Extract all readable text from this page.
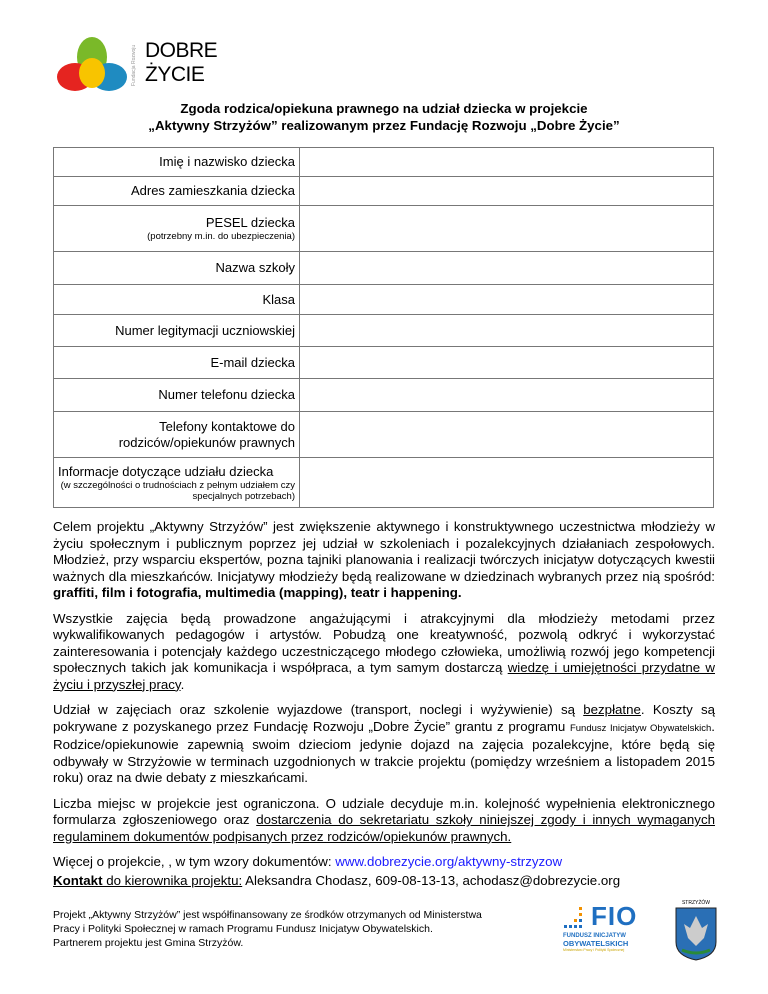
Fundacja Rozwoju DOBRE
ŻYCIE
Zgoda rodzica/opiekuna prawnego na udział dziecka w projekcie
„Aktywny Strzyżów” realizowanym przez Fundację Rozwoju „Dobre Życie”
Imię i nazwisko dziecka	

Adres zamieszkania dziecka	

PESEL dziecka
(potrzebny m.in. do ubezpieczenia)	

Nazwa szkoły	

Klasa	

Numer legitymacji uczniowskiej	

E-mail dziecka	

Numer telefonu dziecka	

Telefony kontaktowe do rodziców/opiekunów prawnych	

Informacje dotyczące udziału dziecka
(w szczególności o trudnościach z pełnym udziałem czy specjalnych potrzebach)	

Celem projektu „Aktywny Strzyżów” jest zwiększenie aktywnego i konstruktywnego uczestnictwa młodzieży w życiu społecznym i publicznym poprzez jej udział w szkoleniach i pozalekcyjnych działaniach zespołowych. Młodzież, przy wsparciu ekspertów, pozna tajniki planowania i realizacji twórczych inicjatyw dotyczących kwestii ważnych dla mieszkańców. Inicjatywy młodzieży będą realizowane w dziedzinach wybranych przez nią spośród: graffiti, film i fotografia, multimedia (mapping), teatr i happening.

Wszystkie zajęcia będą prowadzone angażującymi i atrakcyjnymi dla młodzieży metodami przez wykwalifikowanych pedagogów i artystów. Pobudzą one kreatywność, pozwolą odkryć i wykorzystać zainteresowania i potencjały każdego uczestniczącego młodego człowieka, umożliwią rozwój jego kompetencji społecznych takich jak komunikacja i współpraca, a tym samym dostarczą wiedzę i umiejętności przydatne w życiu i przyszłej pracy.

Udział w zajęciach oraz szkolenie wyjazdowe (transport, noclegi i wyżywienie) są bezpłatne. Koszty są pokrywane z pozyskanego przez Fundację Rozwoju „Dobre Życie” grantu z programu Fundusz Inicjatyw Obywatelskich. Rodzice/opiekunowie zapewnią swoim dzieciom jedynie dojazd na zajęcia pozalekcyjne, które będą się odbywały w Strzyżowie w terminach uzgodnionych w trakcie projektu (pomiędzy wrześniem a listopadem 2015 roku) oraz na dwie debaty z mieszkańcami.

Liczba miejsc w projekcie jest ograniczona. O udziale decyduje m.in. kolejność wypełnienia elektronicznego formularza zgłoszeniowego oraz dostarczenia do sekretariatu szkoły niniejszej zgody i innych wymaganych regulaminem dokumentów podpisanych przez rodziców/opiekunów prawnych.

Więcej o projekcie, , w tym wzory dokumentów: www.dobrezycie.org/aktywny-strzyzow

Kontakt do kierownika projektu: Aleksandra Chodasz, 609-08-13-13, achodasz@dobrezycie.org

Projekt „Aktywny Strzyżów” jest współfinansowany ze środków otrzymanych od Ministerstwa
Pracy i Polityki Społecznej w ramach Programu Fundusz Inicjatyw Obywatelskich.
Partnerem projektu jest Gmina Strzyżów.
FIO
FUNDUSZ INICJATYW
OBYWATELSKICH
Ministerstwo Pracy i Polityki Społecznej
STRZYŻÓW
